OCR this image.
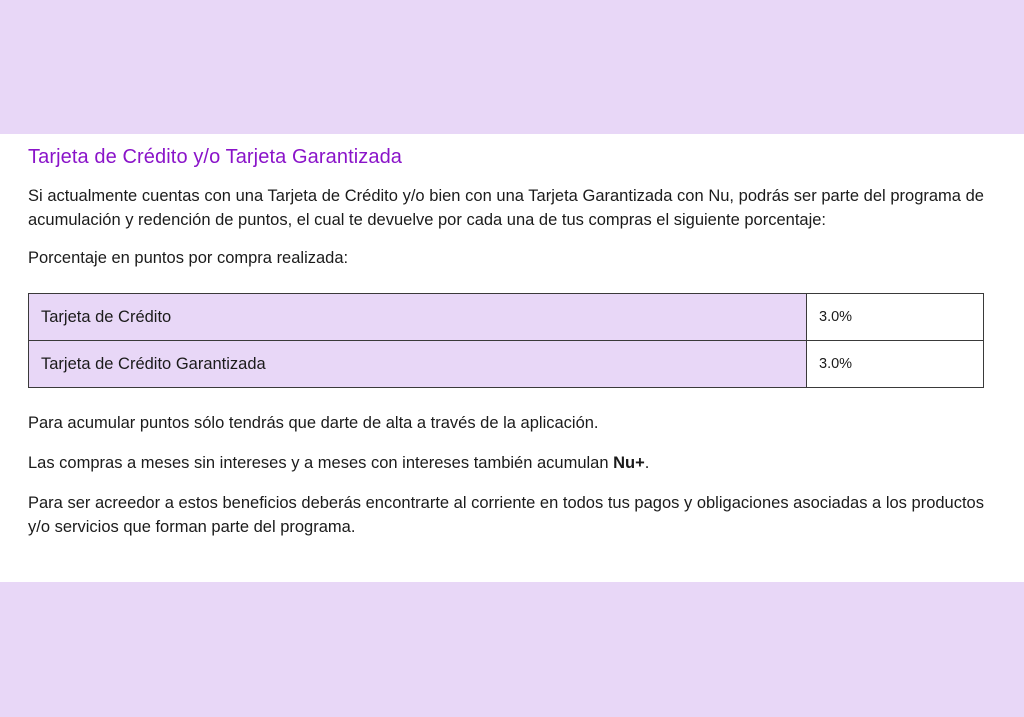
Tarjeta de Crédito y/o Tarjeta Garantizada

Si actualmente cuentas con una Tarjeta de Crédito y/o bien con una Tarjeta Garantizada con Nu, podrás ser parte del programa de acumulación y redención de puntos, el cual te devuelve por cada una de tus compras el siguiente porcentaje:

Porcentaje en puntos por compra realizada:

Tarjeta de Crédito	3.0%
Tarjeta de Crédito Garantizada	3.0%

Para acumular puntos sólo tendrás que darte de alta a través de la aplicación.

Las compras a meses sin intereses y a meses con intereses también acumulan Nu+.

Para ser acreedor a estos beneficios deberás encontrarte al corriente en todos tus pagos y obligaciones asociadas a los productos y/o servicios que forman parte del programa.
